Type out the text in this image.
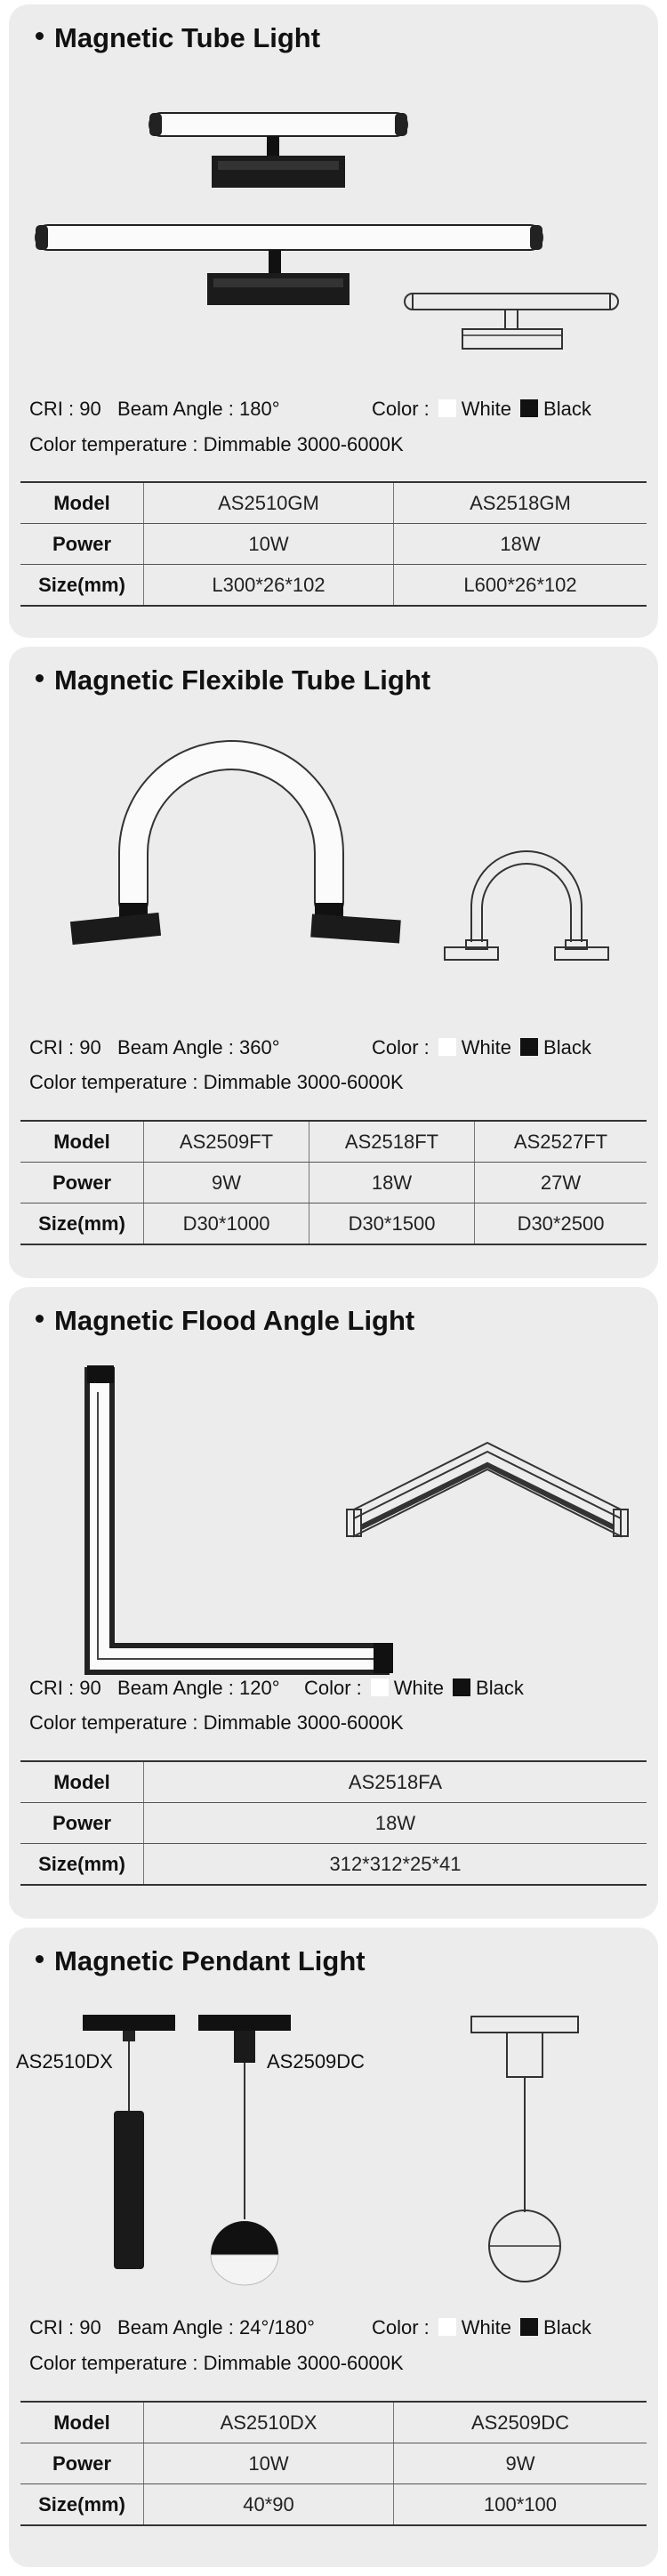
Magnetic Tube Light
CRI : 90   Beam Angle : 180°	Color : White Black
Color temperature : Dimmable 3000-6000K
Model	AS2510GM	AS2518GM
Power	10W	18W
Size(mm)	L300*26*102	L600*26*102
Magnetic Flexible Tube Light
CRI : 90   Beam Angle : 360°	Color : White Black
Color temperature : Dimmable 3000-6000K
Model	AS2509FT	AS2518FT	AS2527FT
Power	9W	18W	27W
Size(mm)	D30*1000	D30*1500	D30*2500
Magnetic Flood Angle Light
CRI : 90   Beam Angle : 120° Color : White Black
Color temperature : Dimmable 3000-6000K
Model	AS2518FA
Power	18W
Size(mm)	312*312*25*41
Magnetic Pendant Light
AS2510DX	AS2509DC
CRI : 90   Beam Angle : 24°/180°	Color : White Black
Color temperature : Dimmable 3000-6000K
Model	AS2510DX	AS2509DC
Power	10W	9W
Size(mm)	40*90	100*100
